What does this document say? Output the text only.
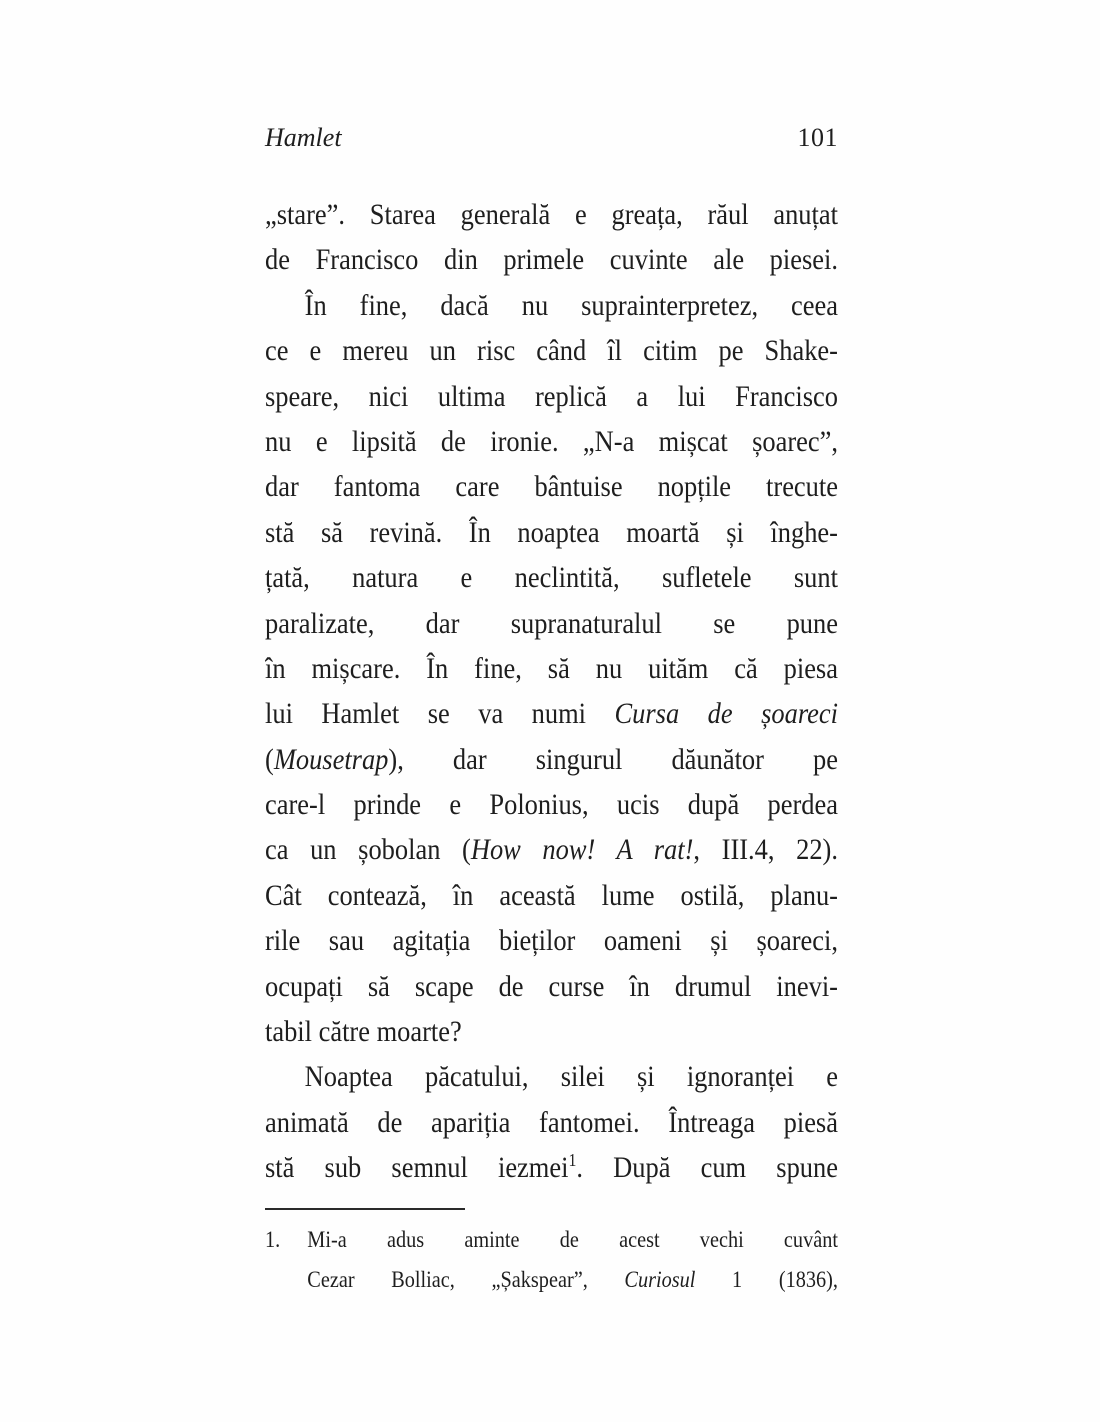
Hamlet	101
„stare”. Starea generală e greața, răul anuțat
de Francisco din primele cuvinte ale piesei.
În fine, dacă nu suprainterpretez, ceea
ce e mereu un risc când îl citim pe Shake-
speare, nici ultima replică a lui Francisco
nu e lipsită de ironie. „N-a mișcat șoarec”,
dar fantoma care bântuise nopțile trecute
stă să revină. În noaptea moartă și înghe-
țată, natura e neclintită, sufletele sunt
paralizate, dar supranaturalul se pune
în mișcare. În fine, să nu uităm că piesa
lui Hamlet se va numi Cursa de șoareci
(Mousetrap), dar singurul dăunător pe
care-l prinde e Polonius, ucis după perdea
ca un șobolan (How now! A rat!, III.4, 22).
Cât contează, în această lume ostilă, planu-
rile sau agitația bieților oameni și șoareci,
ocupați să scape de curse în drumul inevi-
tabil către moarte?
Noaptea păcatului, silei și ignoranței e
animată de apariția fantomei. Întreaga piesă
stă sub semnul iezmei$^1$. După cum spune
1.	Mi-a adus aminte de acest vechi cuvânt
Cezar Bolliac, „Șakspear”, Curiosul 1 (1836),
